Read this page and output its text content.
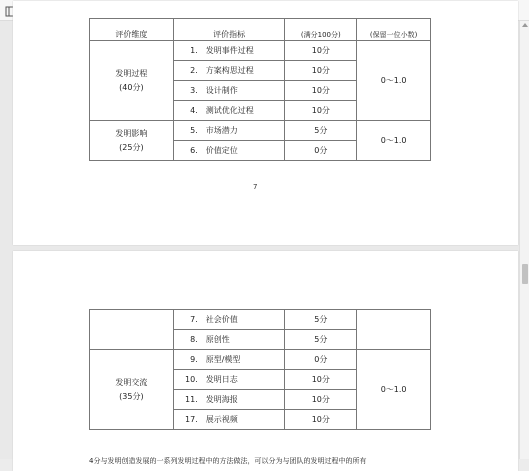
评价维度	评价指标	(满分100分)	(保留一位小数)

发明过程
(40分)	1. 发明事件过程	10分	0～1.0
	2. 方案构思过程	10分	
	3. 设计制作	10分	
	4. 测试优化过程	10分	

发明影响
(25分)	5. 市场潜力	5分	0～1.0
	6. 价值定位	0分	
7
	7. 社会价值	5分	
	8. 原创性	5分	

发明交流
(35分)	9. 原型/模型	0分	0～1.0
	10. 发明日志	10分	
	11. 发明海报	10分	
	17. 展示视频	10分	
4分与发明创造发展的一系列发明过程中的方法做法，可以分为与团队的发明过程中的所有
